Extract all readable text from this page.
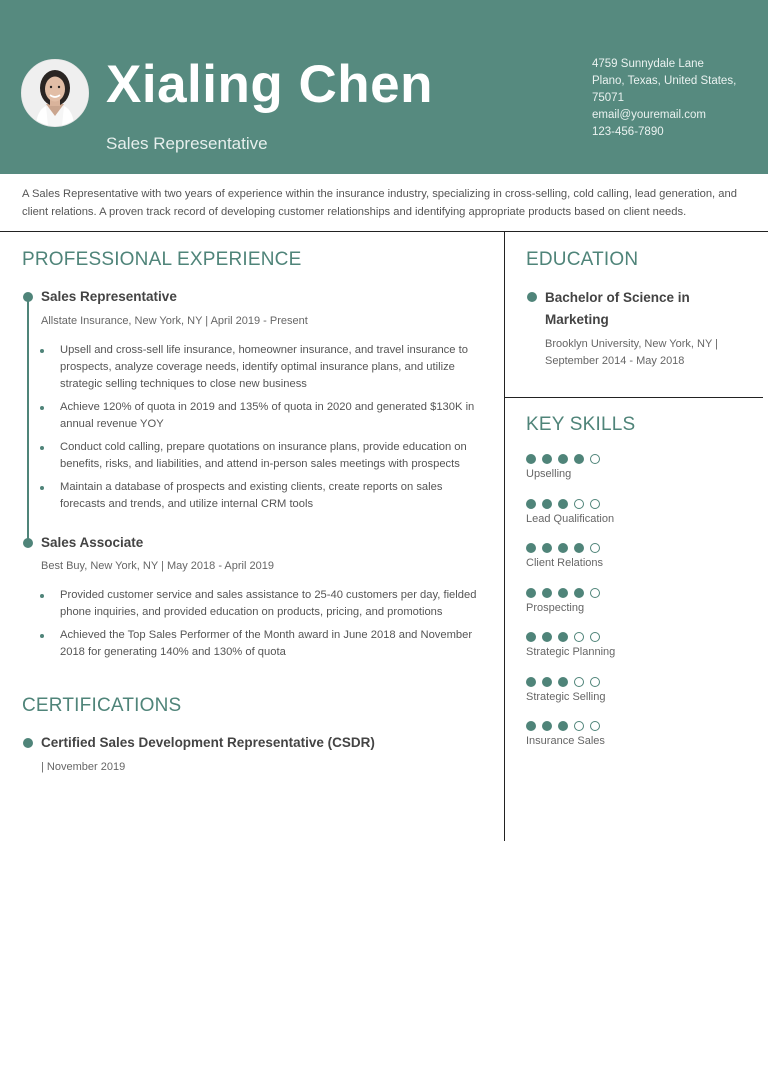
Xialing Chen
Sales Representative
4759 Sunnydale Lane
Plano, Texas, United States,
75071
email@youremail.com
123-456-7890
A Sales Representative with two years of experience within the insurance industry, specializing in cross-selling, cold calling, lead generation, and client relations. A proven track record of developing customer relationships and identifying appropriate products based on client needs.
PROFESSIONAL EXPERIENCE
Sales Representative
Allstate Insurance, New York, NY | April 2019 - Present
Upsell and cross-sell life insurance, homeowner insurance, and travel insurance to prospects, analyze coverage needs, identify optimal insurance plans, and utilize strategic selling techniques to close new business
Achieve 120% of quota in 2019 and 135% of quota in 2020 and generated $130K in annual revenue YOY
Conduct cold calling, prepare quotations on insurance plans, provide education on benefits, risks, and liabilities, and attend in-person sales meetings with prospects
Maintain a database of prospects and existing clients, create reports on sales forecasts and trends, and utilize internal CRM tools
Sales Associate
Best Buy, New York, NY | May 2018 - April 2019
Provided customer service and sales assistance to 25-40 customers per day, fielded phone inquiries, and provided education on products, pricing, and promotions
Achieved the Top Sales Performer of the Month award in June 2018 and November 2018 for generating 140% and 130% of quota
CERTIFICATIONS
Certified Sales Development Representative (CSDR)
| November 2019
EDUCATION
Bachelor of Science in Marketing
Brooklyn University, New York, NY | September 2014 - May 2018
KEY SKILLS
Upselling
Lead Qualification
Client Relations
Prospecting
Strategic Planning
Strategic Selling
Insurance Sales
